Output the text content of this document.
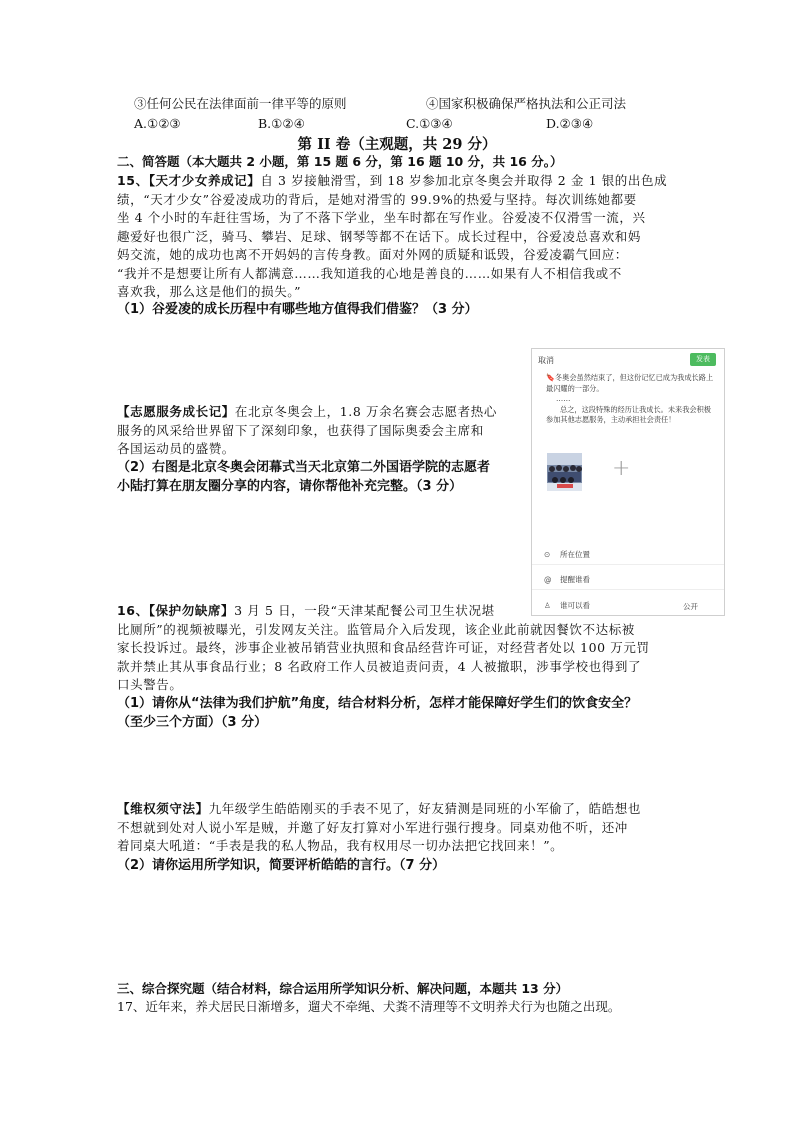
③任何公民在法律面前一律平等的原则	④国家积极确保严格执法和公正司法
A.①②③	B.①②④	C.①③④	D.②③④
第 II 卷（主观题，共 29 分）
二、简答题（本大题共 2 小题，第 15 题 6 分，第 16 题 10 分，共 16 分。）
15、【天才少女养成记】自 3 岁接触滑雪，到 18 岁参加北京冬奥会并取得 2 金 1 银的出色成
绩，“天才少女”谷爱凌成功的背后，是她对滑雪的 99.9%的热爱与坚持。每次训练她都要
坐 4 个小时的车赶往雪场，为了不落下学业，坐车时都在写作业。谷爱凌不仅滑雪一流，兴
趣爱好也很广泛，骑马、攀岩、足球、钢琴等都不在话下。成长过程中，谷爱凌总喜欢和妈
妈交流，她的成功也离不开妈妈的言传身教。面对外网的质疑和诋毁，谷爱凌霸气回应：
“我并不是想要让所有人都满意……我知道我的心地是善良的……如果有人不相信我或不
喜欢我，那么这是他们的损失。”
（1）谷爱凌的成长历程中有哪些地方值得我们借鉴？（3 分）
【志愿服务成长记】在北京冬奥会上，1.8 万余名赛会志愿者热心
服务的风采给世界留下了深刻印象，也获得了国际奥委会主席和
各国运动员的盛赞。
（2）右图是北京冬奥会闭幕式当天北京第二外国语学院的志愿者
小陆打算在朋友圈分享的内容，请你帮他补充完整。（3 分）
取消	发表
🔖冬奥会虽然结束了，但这份记忆已成为我成长路上最闪耀的一部分。
……
总之，这段特殊的经历让我成长。未来我会积极参加其他志愿服务，主动承担社会责任！
+
⊙ 所在位置
@ 提醒谁看
♙ 谁可以看	公开
16、【保护勿缺席】3 月 5 日，一段“天津某配餐公司卫生状况堪
比厕所”的视频被曝光，引发网友关注。监管局介入后发现，该企业此前就因餐饮不达标被
家长投诉过。最终，涉事企业被吊销营业执照和食品经营许可证，对经营者处以 100 万元罚
款并禁止其从事食品行业；8 名政府工作人员被追责问责，4 人被撤职，涉事学校也得到了
口头警告。
（1）请你从“法律为我们护航”角度，结合材料分析，怎样才能保障好学生们的饮食安全？
（至少三个方面）（3 分）
【维权须守法】九年级学生皓皓刚买的手表不见了，好友猜测是同班的小军偷了，皓皓想也
不想就到处对人说小军是贼，并邀了好友打算对小军进行强行搜身。同桌劝他不听，还冲
着同桌大吼道：“手表是我的私人物品，我有权用尽一切办法把它找回来！”。
（2）请你运用所学知识，简要评析皓皓的言行。（7 分）
三、综合探究题（结合材料，综合运用所学知识分析、解决问题，本题共 13 分）
17、近年来，养犬居民日渐增多，遛犬不牵绳、犬粪不清理等不文明养犬行为也随之出现。
